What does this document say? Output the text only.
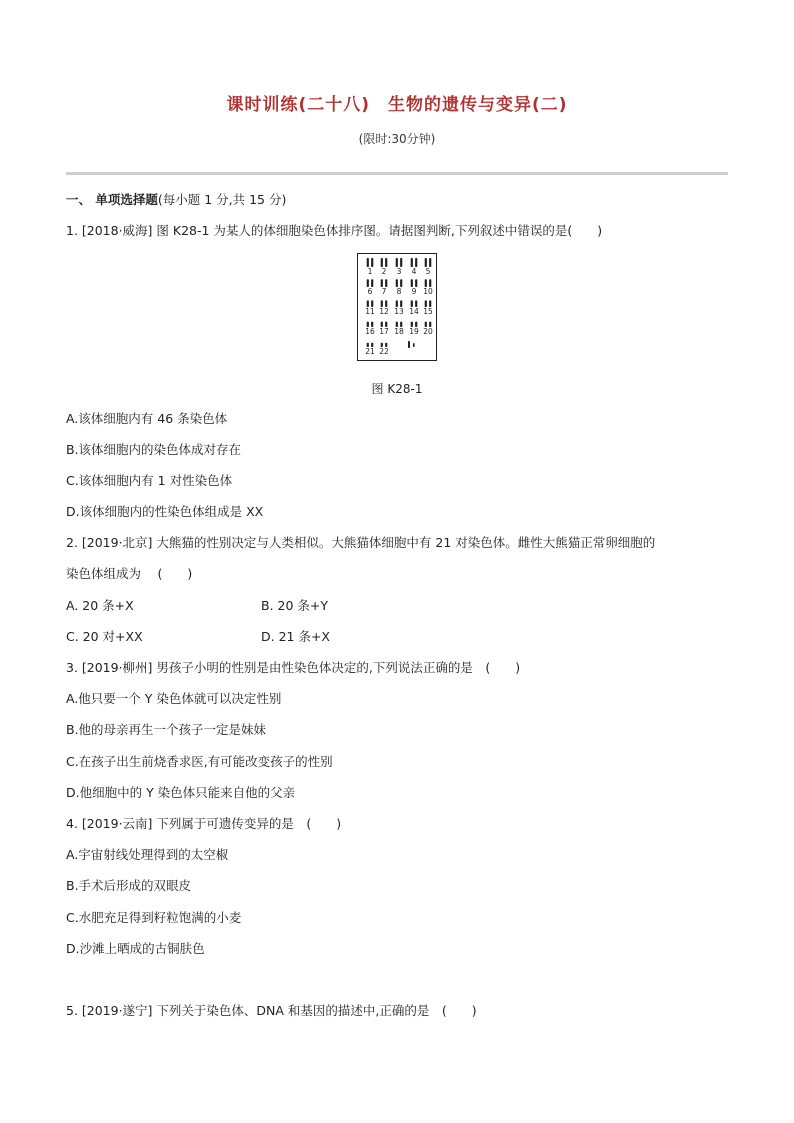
课时训练(二十八)　生物的遗传与变异(二)
(限时:30分钟)
一、 单项选择题(每小题 1 分,共 15 分)
1. [2018·威海] 图 K28-1 为某人的体细胞染色体排序图。请据图判断,下列叙述中错误的是(　　)
1 2 3 4 5
6 7 8 9 10
11 12 13 14 15
16 17 18 19 20
21 22
图 K28-1
A.该体细胞内有 46 条染色体
B.该体细胞内的染色体成对存在
C.该体细胞内有 1 对性染色体
D.该体细胞内的性染色体组成是 XX
2. [2019·北京] 大熊猫的性别决定与人类相似。大熊猫体细胞中有 21 对染色体。雌性大熊猫正常卵细胞的
染色体组成为　 (　　)
A. 20 条+X	B. 20 条+Y
C. 20 对+XX	D. 21 条+X
3. [2019·柳州] 男孩子小明的性别是由性染色体决定的,下列说法正确的是　(　　)
A.他只要一个 Y 染色体就可以决定性别
B.他的母亲再生一个孩子一定是妹妹
C.在孩子出生前烧香求医,有可能改变孩子的性别
D.他细胞中的 Y 染色体只能来自他的父亲
4. [2019·云南] 下列属于可遗传变异的是　(　　)
A.宇宙射线处理得到的太空椒
B.手术后形成的双眼皮
C.水肥充足得到籽粒饱满的小麦
D.沙滩上晒成的古铜肤色
5. [2019·遂宁] 下列关于染色体、DNA 和基因的描述中,正确的是　(　　)
